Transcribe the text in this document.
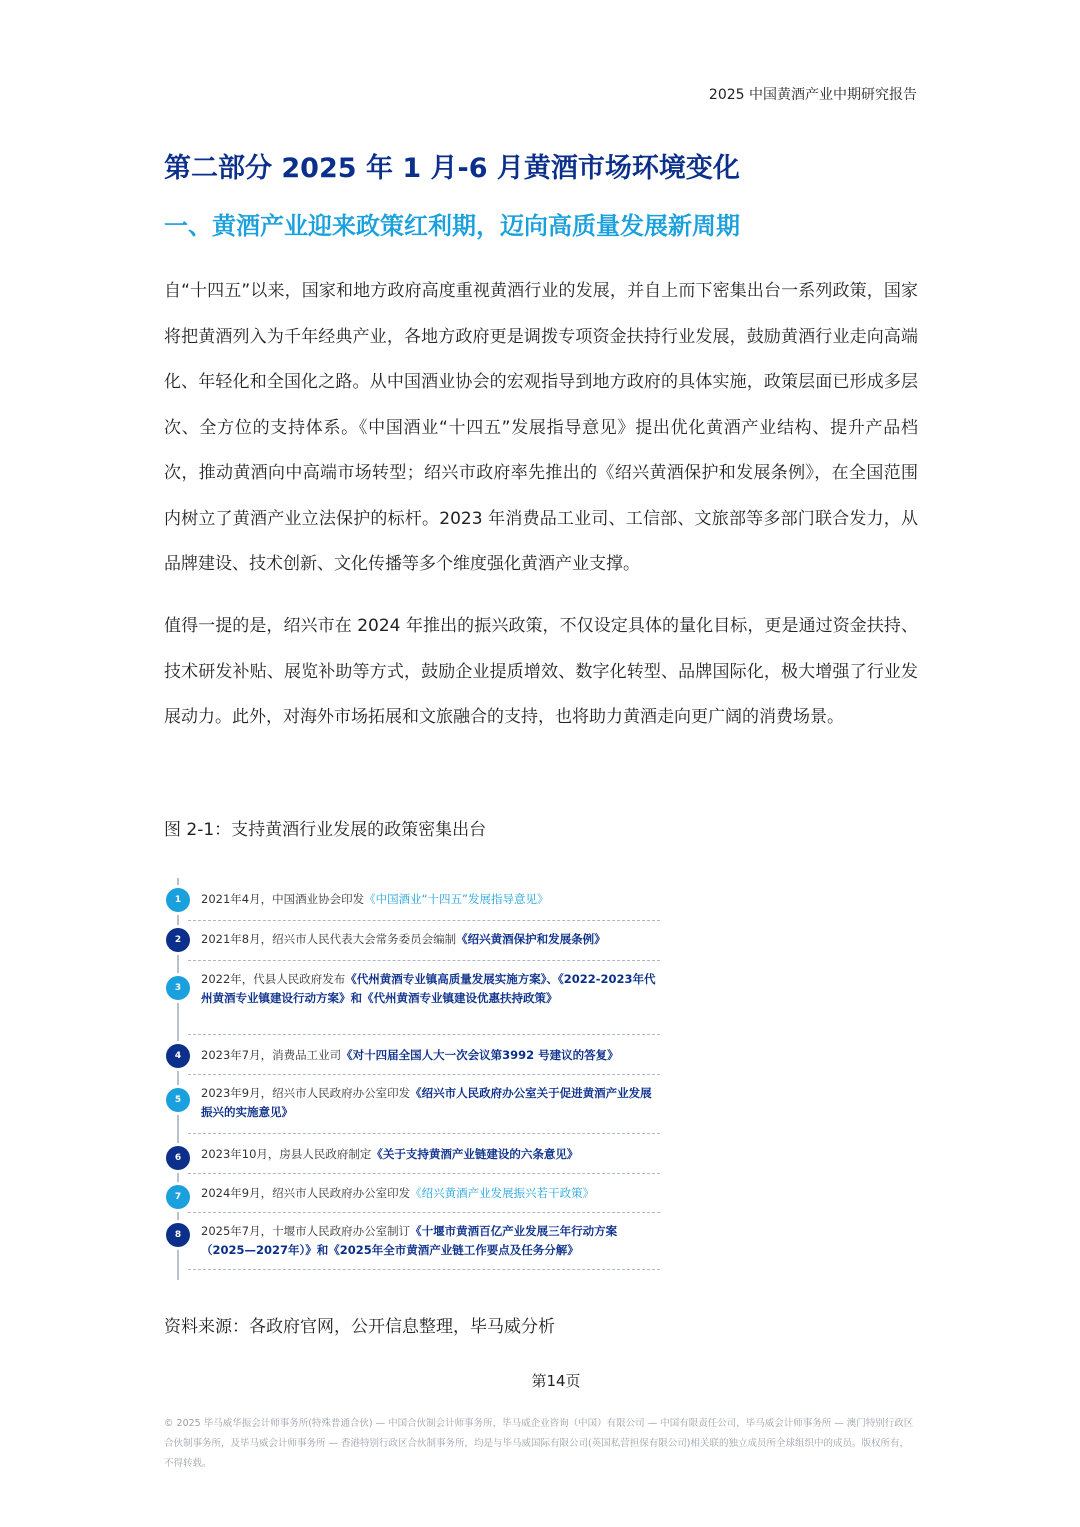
2025 中国黄酒产业中期研究报告
第二部分 2025 年 1 月-6 月黄酒市场环境变化
一、黄酒产业迎来政策红利期，迈向高质量发展新周期

自“十四五”以来，国家和地方政府高度重视黄酒行业的发展，并自上而下密集出台一系列政策，国家将把黄酒列入为千年经典产业，各地方政府更是调拨专项资金扶持行业发展，鼓励黄酒行业走向高端化、年轻化和全国化之路。从中国酒业协会的宏观指导到地方政府的具体实施，政策层面已形成多层次、全方位的支持体系。《中国酒业“十四五”发展指导意见》提出优化黄酒产业结构、提升产品档次，推动黄酒向中高端市场转型；绍兴市政府率先推出的《绍兴黄酒保护和发展条例》，在全国范围内树立了黄酒产业立法保护的标杆。2023 年消费品工业司、工信部、文旅部等多部门联合发力，从品牌建设、技术创新、文化传播等多个维度强化黄酒产业支撑。

值得一提的是，绍兴市在 2024 年推出的振兴政策，不仅设定具体的量化目标，更是通过资金扶持、技术研发补贴、展览补助等方式，鼓励企业提质增效、数字化转型、品牌国际化，极大增强了行业发展动力。此外，对海外市场拓展和文旅融合的支持，也将助力黄酒走向更广阔的消费场景。

图 2-1：支持黄酒行业发展的政策密集出台
1 2021年4月，中国酒业协会印发《中国酒业“十四五”发展指导意见》
2 2021年8月，绍兴市人民代表大会常务委员会编制《绍兴黄酒保护和发展条例》
3
2022年，代县人民政府发布《代州黄酒专业镇高质量发展实施方案》、《2022-2023年代州黄酒专业镇建设行动方案》和《代州黄酒专业镇建设优惠扶持政策》
4 2023年7月，消费品工业司《对十四届全国人大一次会议第3992 号建议的答复》
5 2023年9月，绍兴市人民政府办公室印发《绍兴市人民政府办公室关于促进黄酒产业发展振兴的实施意见》
6 2023年10月，房县人民政府制定《关于支持黄酒产业链建设的六条意见》
7 2024年9月，绍兴市人民政府办公室印发《绍兴黄酒产业发展振兴若干政策》
8 2025年7月，十堰市人民政府办公室制订《十堰市黄酒百亿产业发展三年行动方案（2025—2027年）》和《2025年全市黄酒产业链工作要点及任务分解》
资料来源：各政府官网，公开信息整理，毕马威分析
第14页
© 2025 毕马威华振会计师事务所(特殊普通合伙) — 中国合伙制会计师事务所，毕马威企业咨询（中国）有限公司 — 中国有限责任公司，毕马威会计师事务所 — 澳门特别行政区合伙制事务所，及毕马威会计师事务所 — 香港特别行政区合伙制事务所，均是与毕马威国际有限公司(英国私营担保有限公司)相关联的独立成员所全球组织中的成员。版权所有，不得转载。
